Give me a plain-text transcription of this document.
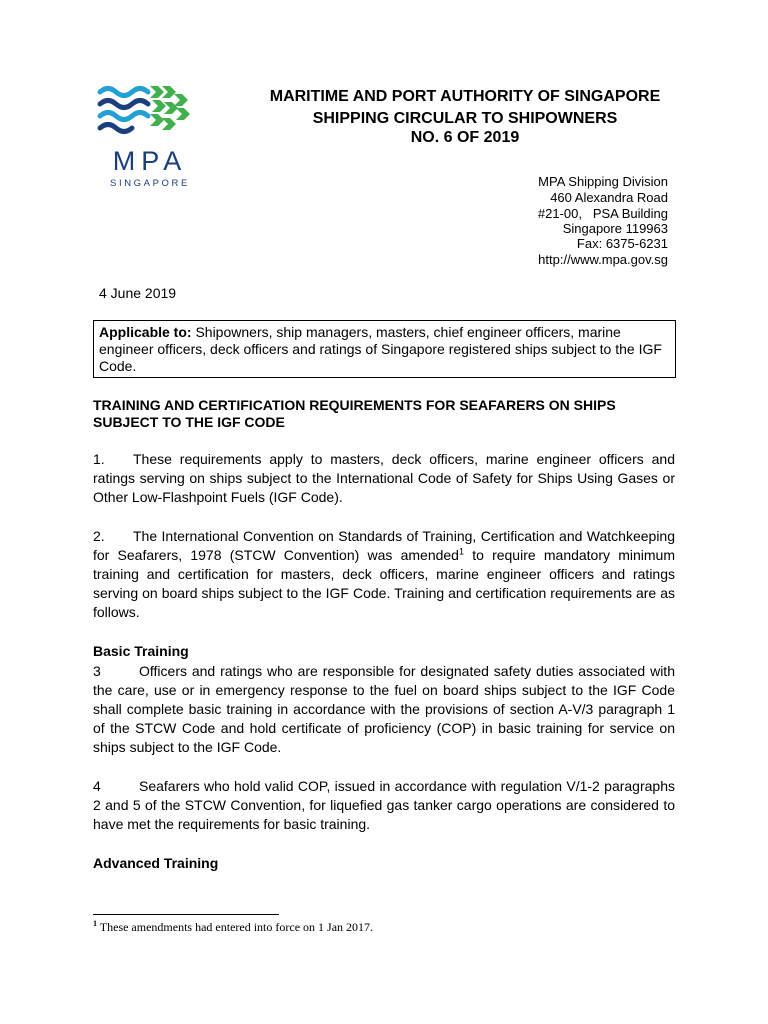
MPA
SINGAPORE
MARITIME AND PORT AUTHORITY OF SINGAPORE
SHIPPING CIRCULAR TO SHIPOWNERS
NO. 6 OF 2019
MPA Shipping Division
460 Alexandra Road
#21-00,   PSA Building
Singapore 119963
Fax: 6375-6231
http://www.mpa.gov.sg
4 June 2019
Applicable to: Shipowners, ship managers, masters, chief engineer officers, marine engineer officers, deck officers and ratings of Singapore registered ships subject to the IGF Code.
TRAINING AND CERTIFICATION REQUIREMENTS FOR SEAFARERS ON SHIPS SUBJECT TO THE IGF CODE
1. These requirements apply to masters, deck officers, marine engineer officers and ratings serving on ships subject to the International Code of Safety for Ships Using Gases or Other Low-Flashpoint Fuels (IGF Code).
2. The International Convention on Standards of Training, Certification and Watchkeeping for Seafarers, 1978 (STCW Convention) was amended$^1$ to require mandatory minimum training and certification for masters, deck officers, marine engineer officers and ratings serving on board ships subject to the IGF Code. Training and certification requirements are as follows.
Basic Training
3	Officers and ratings who are responsible for designated safety duties associated with the care, use or in emergency response to the fuel on board ships subject to the IGF Code shall complete basic training in accordance with the provisions of section A-V/3 paragraph 1 of the STCW Code and hold certificate of proficiency (COP) in basic training for service on ships subject to the IGF Code.
4	Seafarers who hold valid COP, issued in accordance with regulation V/1-2 paragraphs 2 and 5 of the STCW Convention, for liquefied gas tanker cargo operations are considered to have met the requirements for basic training.
Advanced Training
$^1$ These amendments had entered into force on 1 Jan 2017.
